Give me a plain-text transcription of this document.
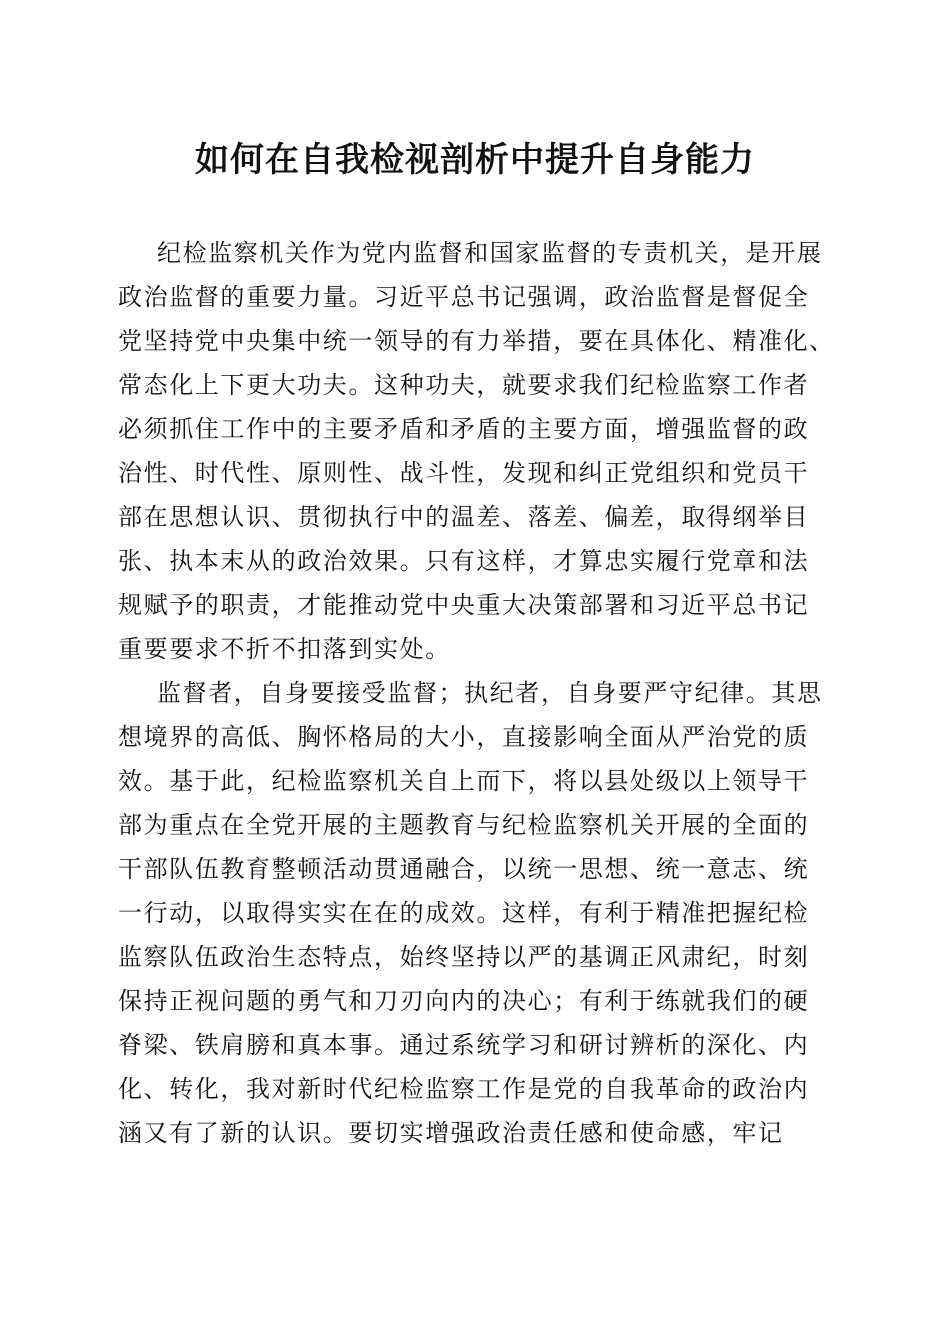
如何在自我检视剖析中提升自身能力

纪检监察机关作为党内监督和国家监督的专责机关，是开展

政治监督的重要力量。习近平总书记强调，政治监督是督促全

党坚持党中央集中统一领导的有力举措，要在具体化、精准化、

常态化上下更大功夫。这种功夫，就要求我们纪检监察工作者

必须抓住工作中的主要矛盾和矛盾的主要方面，增强监督的政

治性、时代性、原则性、战斗性，发现和纠正党组织和党员干

部在思想认识、贯彻执行中的温差、落差、偏差，取得纲举目

张、执本末从的政治效果。只有这样，才算忠实履行党章和法

规赋予的职责，才能推动党中央重大决策部署和习近平总书记

重要要求不折不扣落到实处。

监督者，自身要接受监督；执纪者，自身要严守纪律。其思

想境界的高低、胸怀格局的大小，直接影响全面从严治党的质

效。基于此，纪检监察机关自上而下，将以县处级以上领导干

部为重点在全党开展的主题教育与纪检监察机关开展的全面的

干部队伍教育整顿活动贯通融合，以统一思想、统一意志、统

一行动，以取得实实在在的成效。这样，有利于精准把握纪检

监察队伍政治生态特点，始终坚持以严的基调正风肃纪，时刻

保持正视问题的勇气和刀刃向内的决心；有利于练就我们的硬

脊梁、铁肩膀和真本事。通过系统学习和研讨辨析的深化、内

化、转化，我对新时代纪检监察工作是党的自我革命的政治内

涵又有了新的认识。要切实增强政治责任感和使命感，牢记
